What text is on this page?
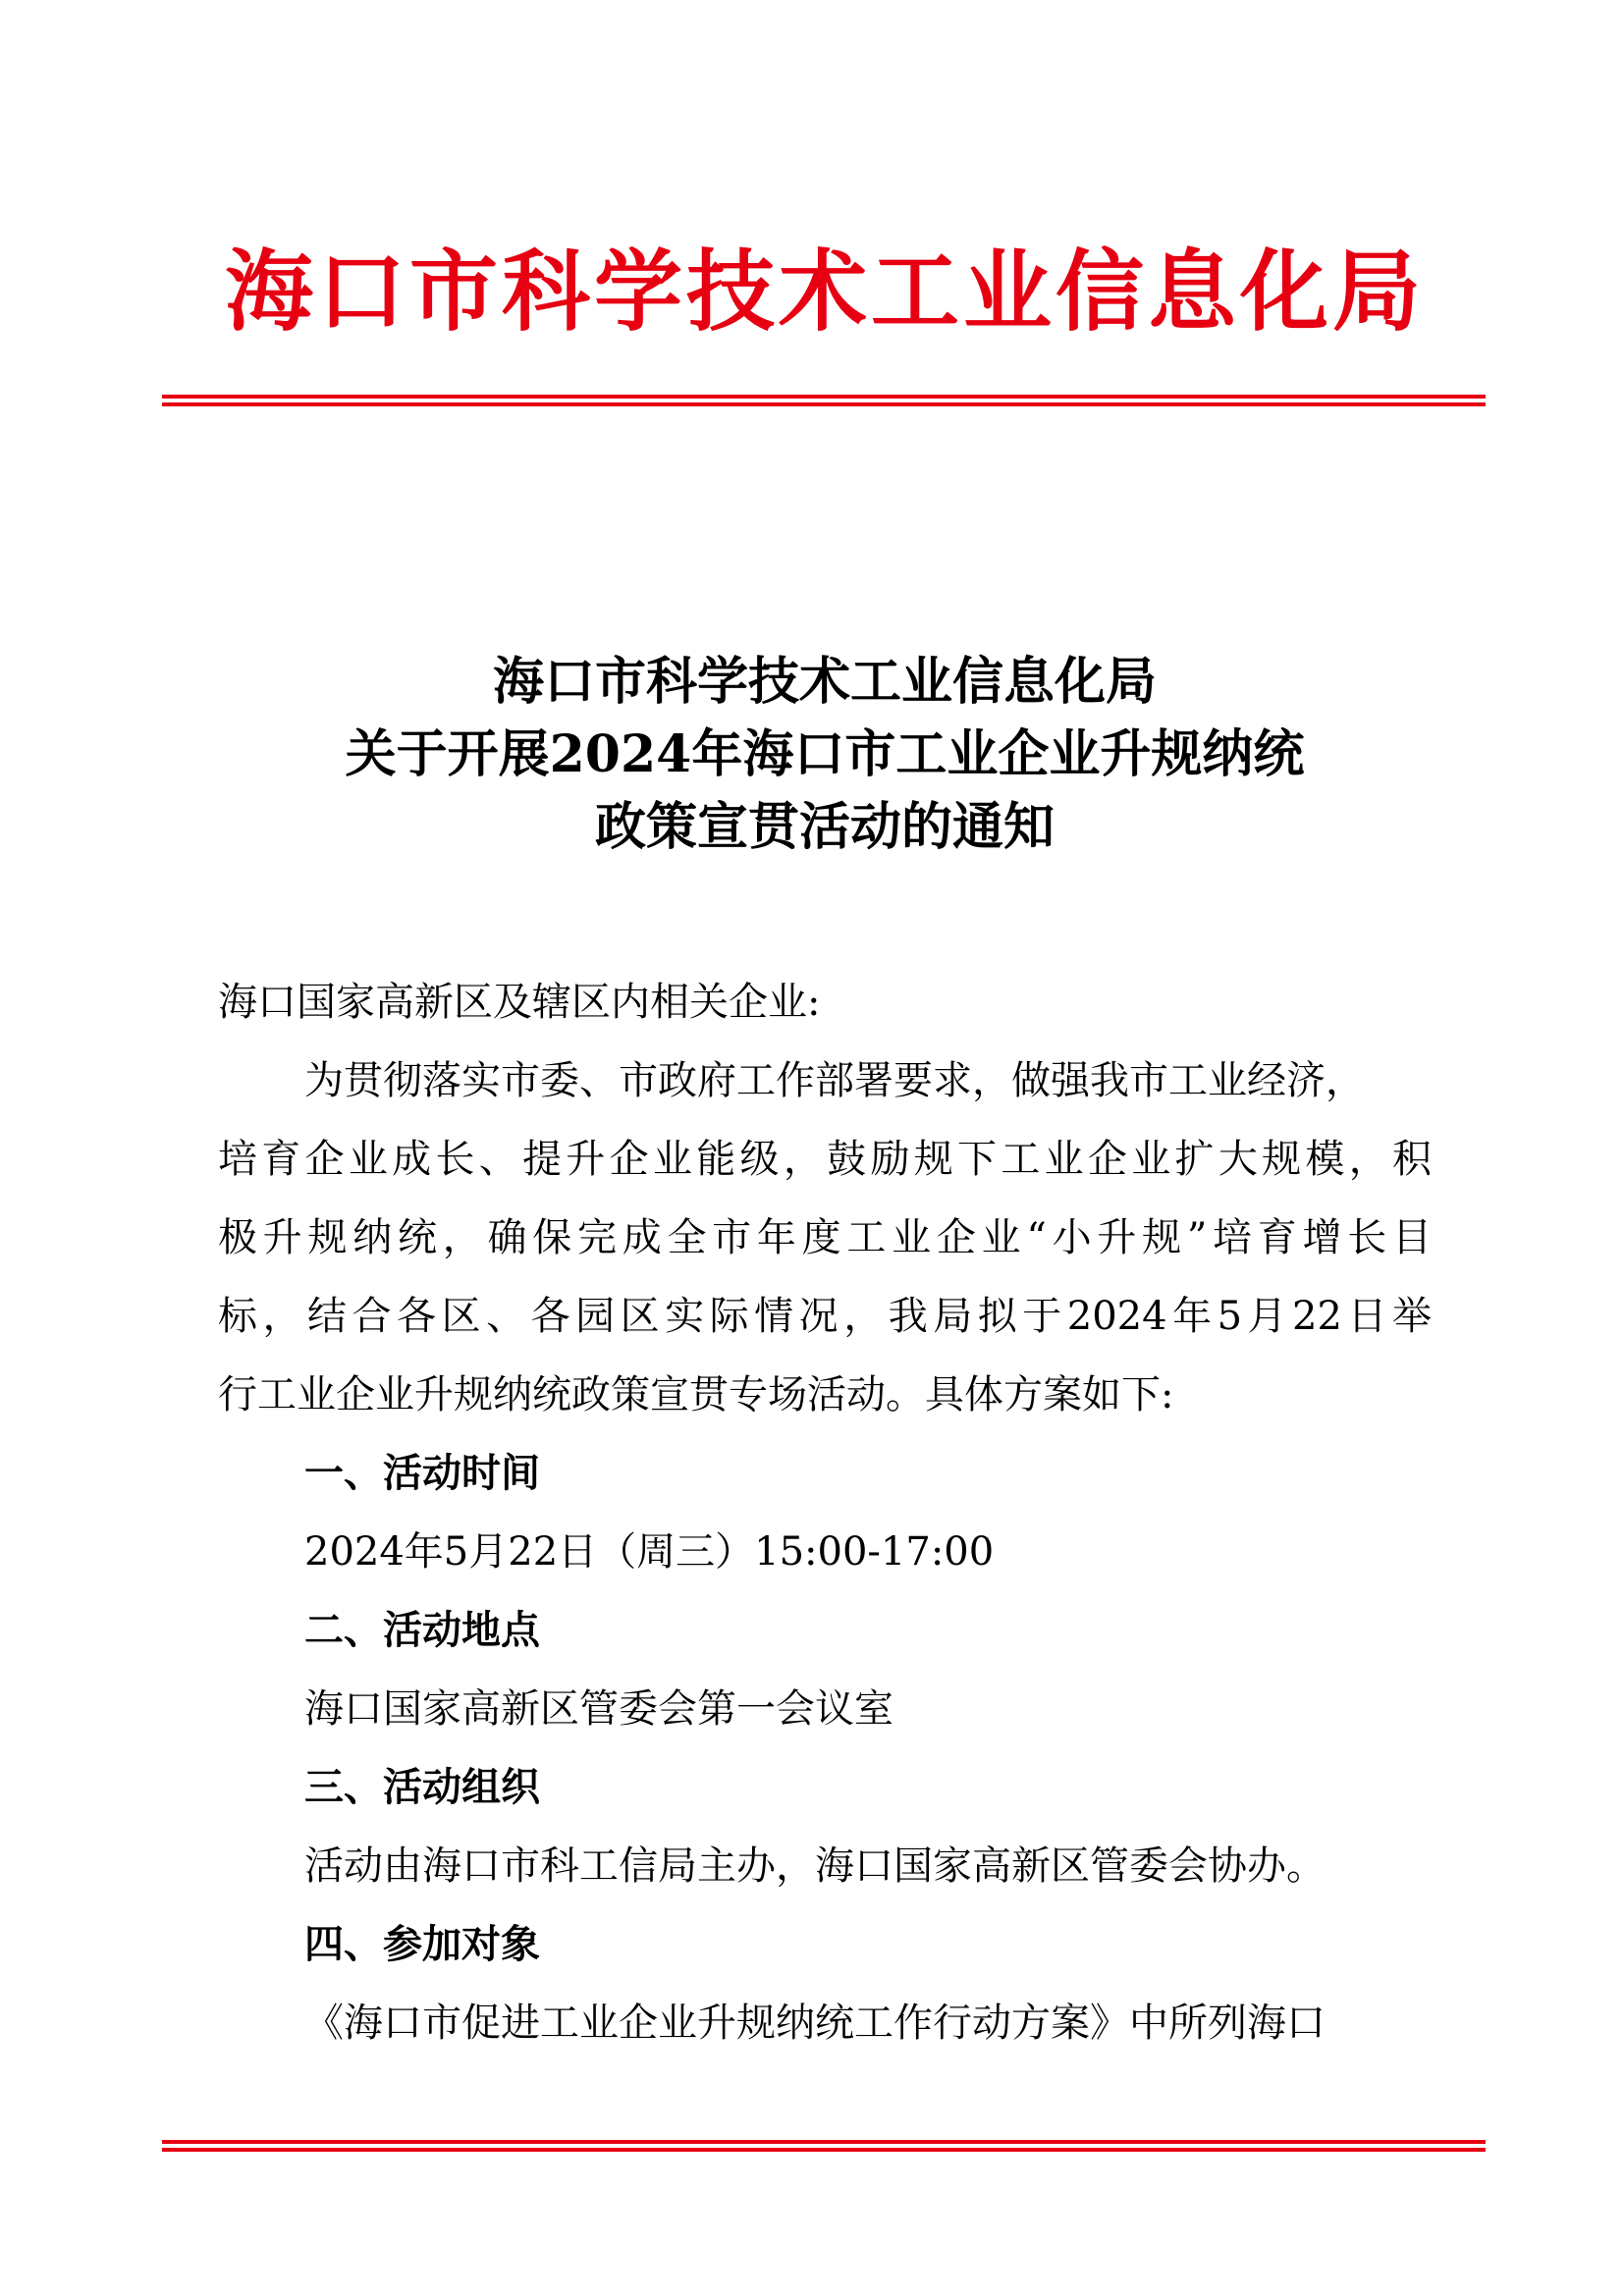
海口市科学技术工业信息化局
海口市科学技术工业信息化局
关于开展2024年海口市工业企业升规纳统
政策宣贯活动的通知
海口国家高新区及辖区内相关企业:
为贯彻落实市委、市政府工作部署要求，做强我市工业经济，
培育企业成长、提升企业能级，鼓励规下工业企业扩大规模，积
极升规纳统，确保完成全市年度工业企业“小升规”培育增长目
标，结合各区、各园区实际情况，我局拟于2024年5月22日举
行工业企业升规纳统政策宣贯专场活动。具体方案如下:
一、活动时间
2024年5月22日（周三）15:00-17:00
二、活动地点
海口国家高新区管委会第一会议室
三、活动组织
活动由海口市科工信局主办，海口国家高新区管委会协办。
四、参加对象
《海口市促进工业企业升规纳统工作行动方案》中所列海口
